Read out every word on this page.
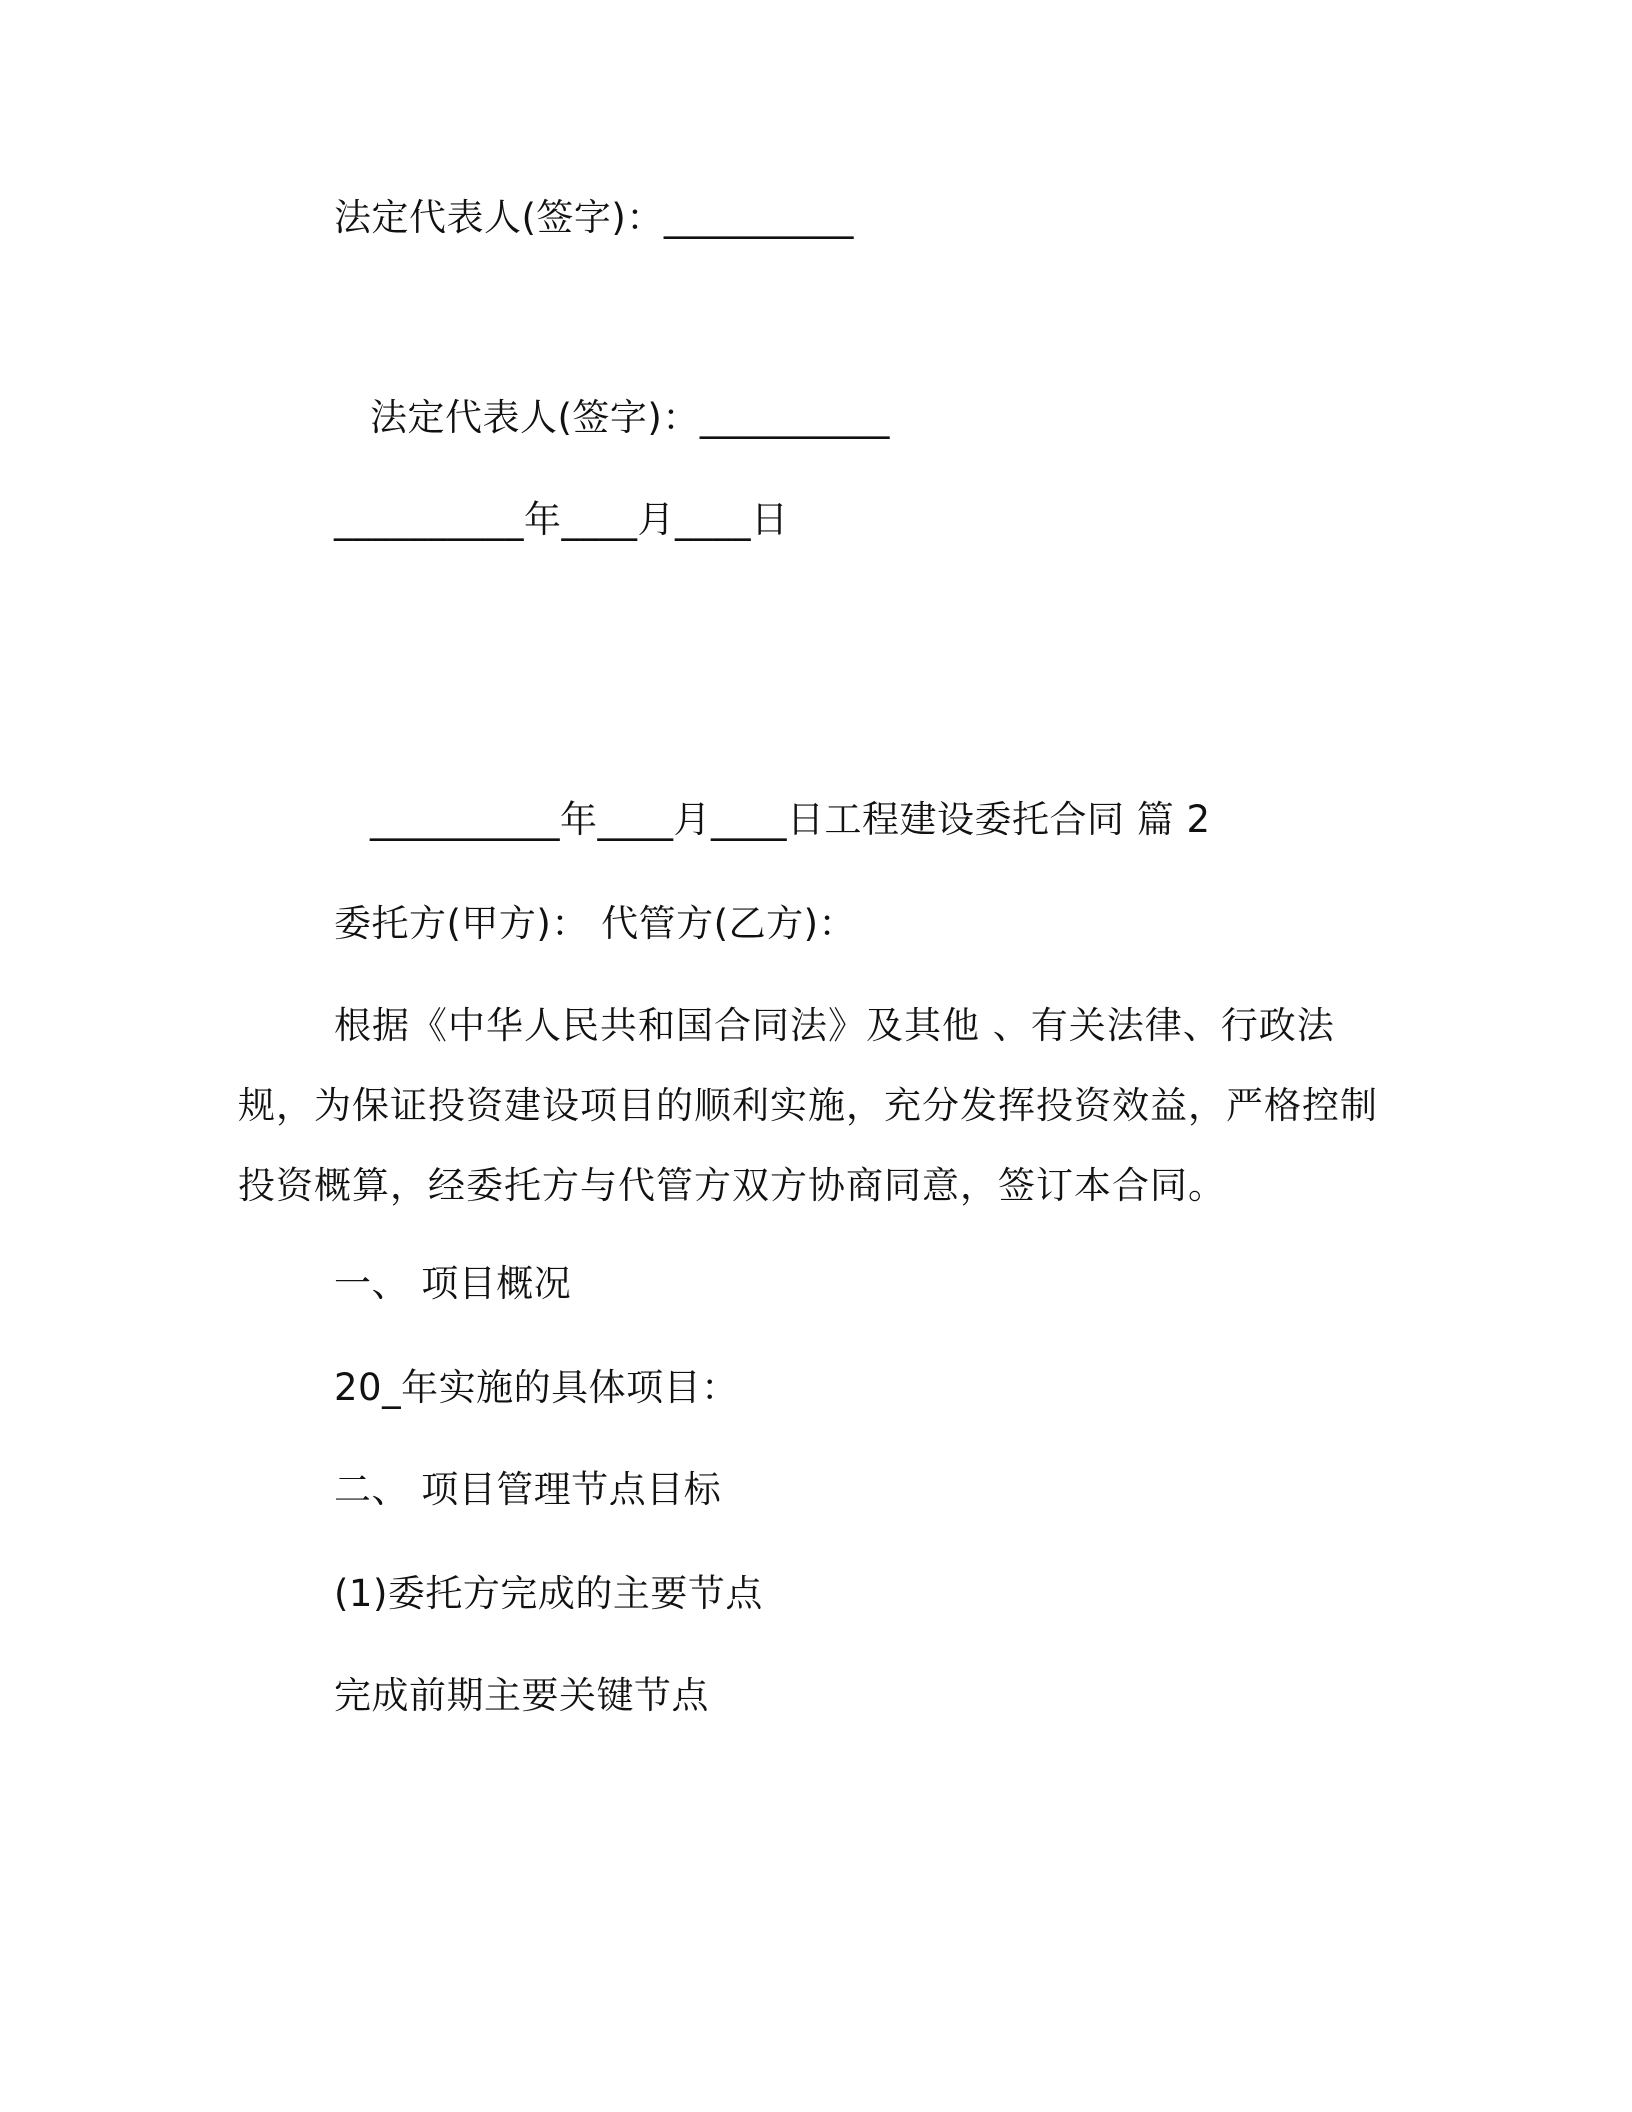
法定代表人(签字)：__________
法定代表人(签字)：__________
__________年____月____日
__________年____月____日工程建设委托合同 篇 2
委托方(甲方)： 代管方(乙方)：
根据《中华人民共和国合同法》及其他 、有关法律、行政法规，为保证投资建设项目的顺利实施，充分发挥投资效益，严格控制投资概算，经委托方与代管方双方协商同意，签订本合同。
一、 项目概况
20_年实施的具体项目：
二、 项目管理节点目标
(1)委托方完成的主要节点
完成前期主要关键节点
